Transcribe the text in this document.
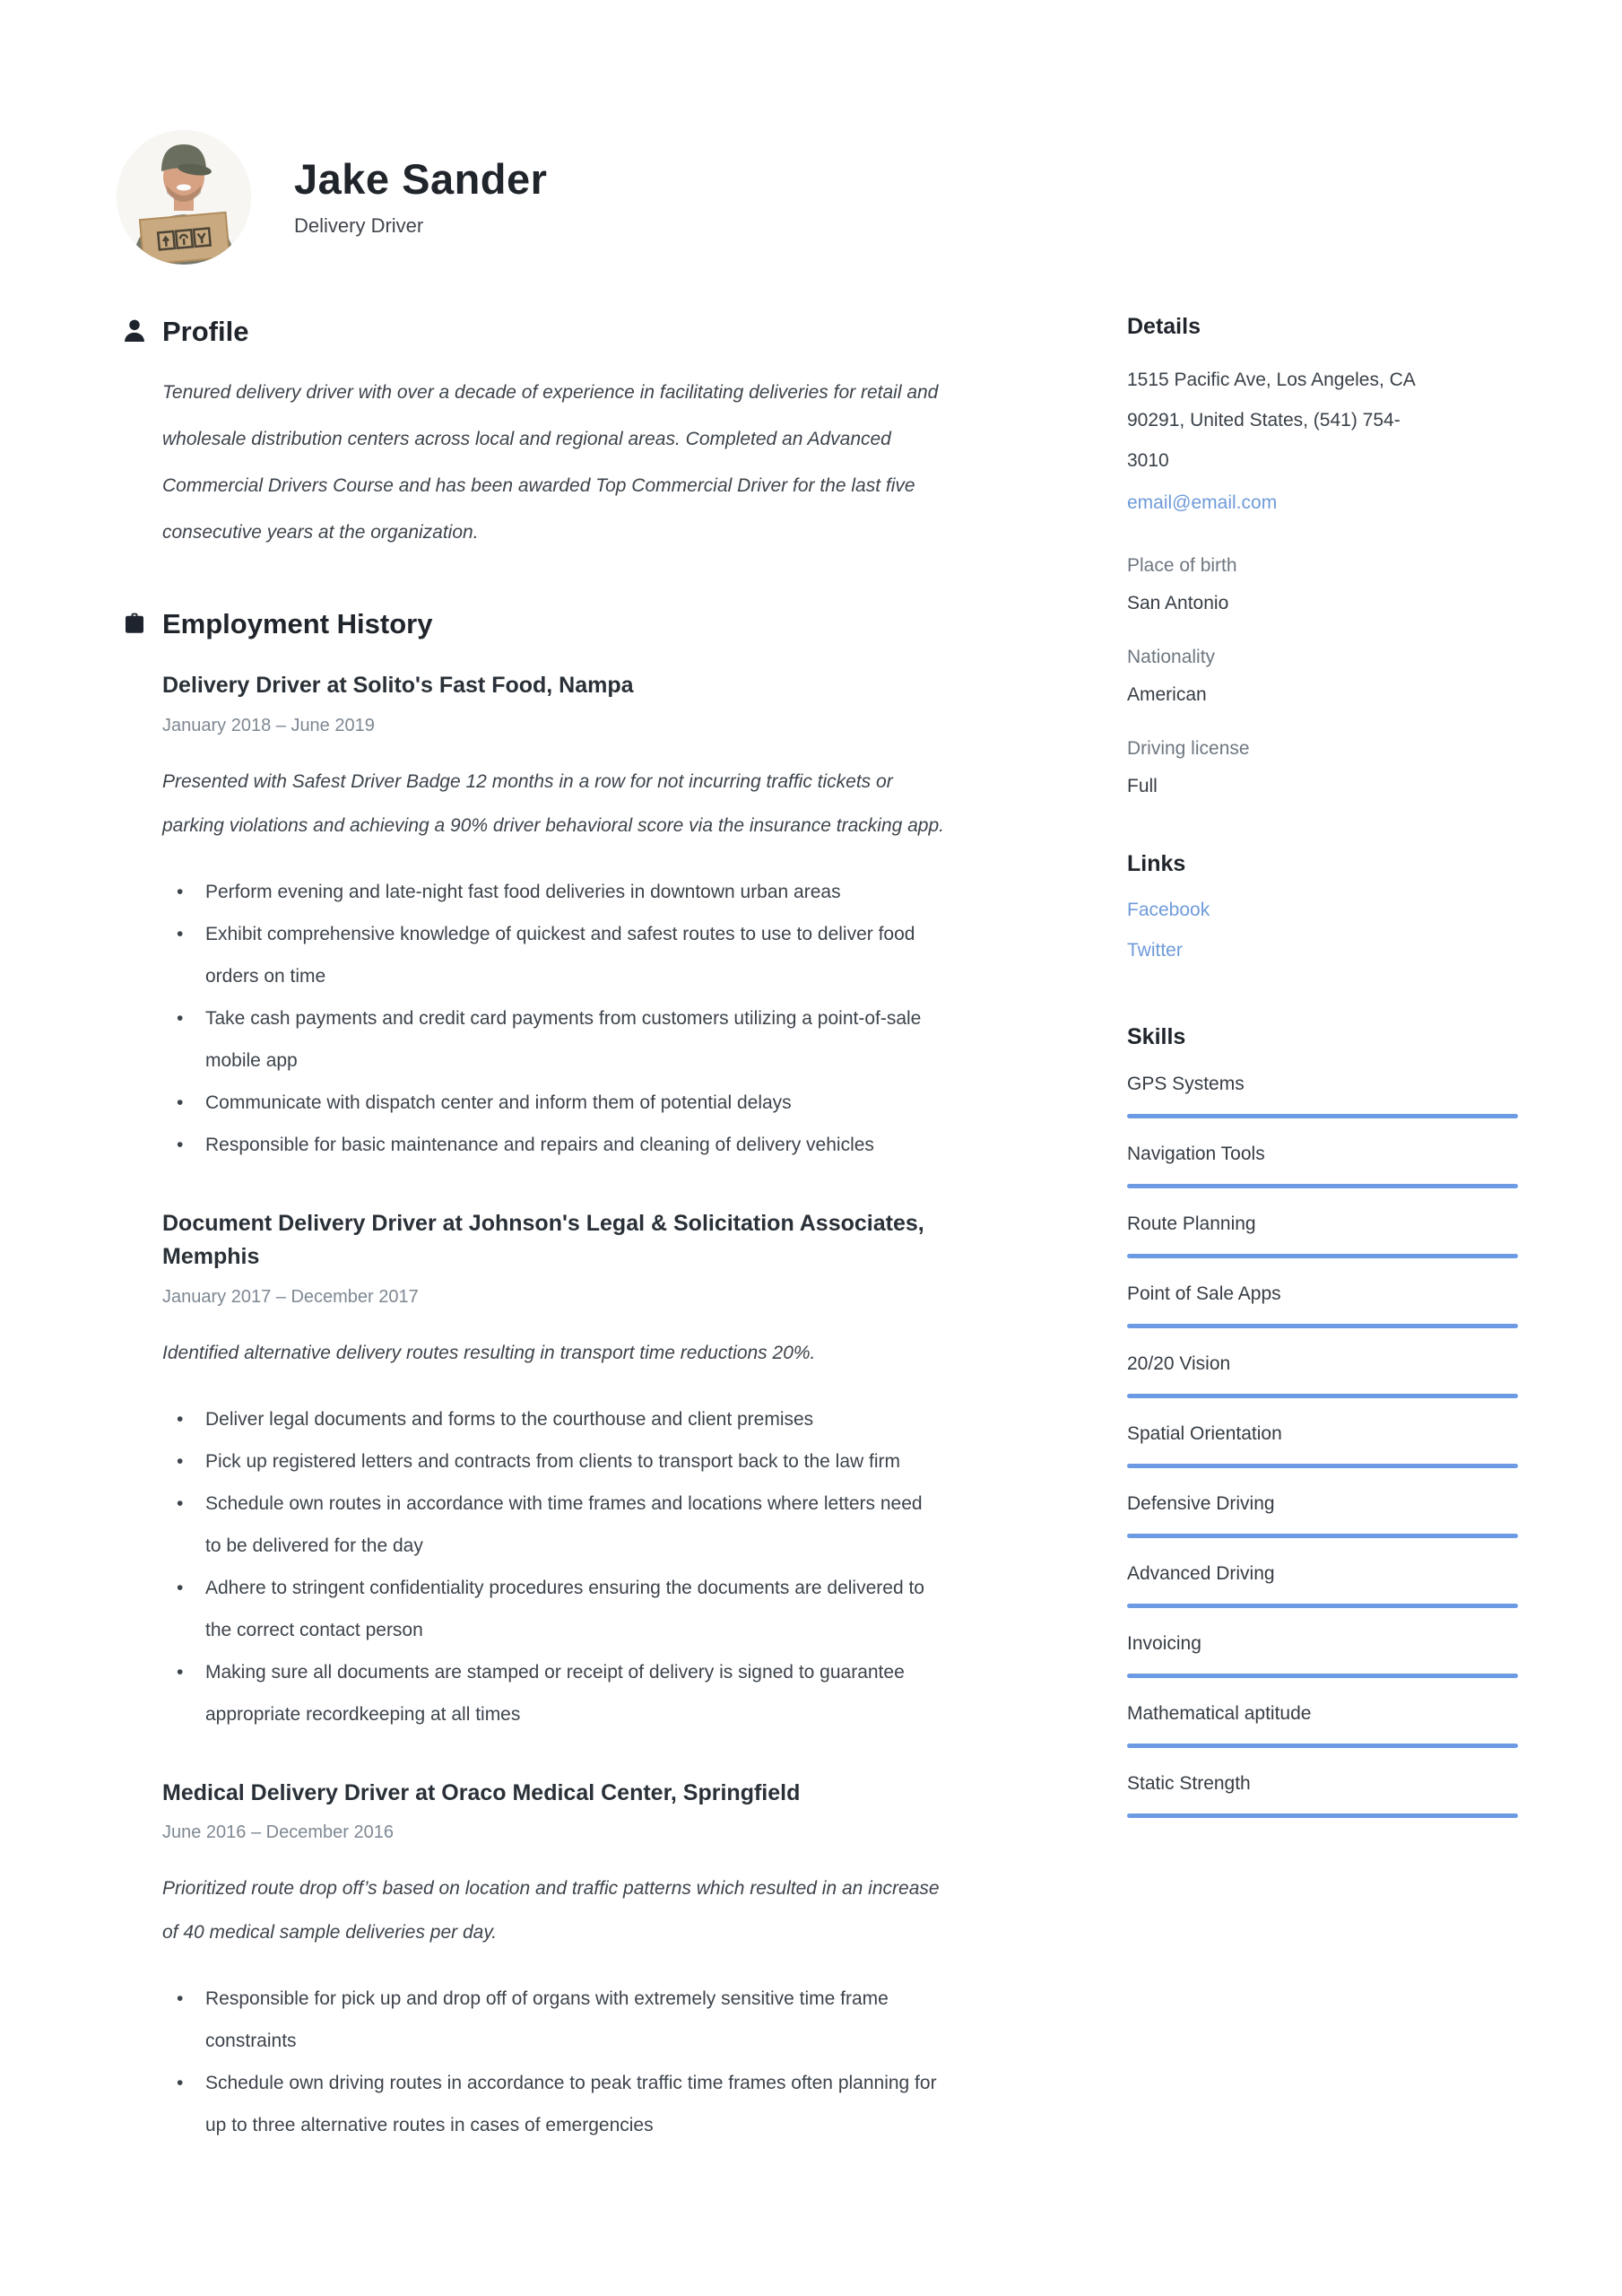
Jake Sander
Delivery Driver
Profile

Tenured delivery driver with over a decade of experience in facilitating deliveries for retail and wholesale distribution centers across local and regional areas. Completed an Advanced Commercial Drivers Course and has been awarded Top Commercial Driver for the last five consecutive years at the organization.

Employment History
Delivery Driver at Solito's Fast Food, Nampa
January 2018 – June 2019
Presented with Safest Driver Badge 12 months in a row for not incurring traffic tickets or parking violations and achieving a 90% driver behavioral score via the insurance tracking app.
• Perform evening and late-night fast food deliveries in downtown urban areas
• Exhibit comprehensive knowledge of quickest and safest routes to use to deliver food orders on time
• Take cash payments and credit card payments from customers utilizing a point-of-sale mobile app
• Communicate with dispatch center and inform them of potential delays
• Responsible for basic maintenance and repairs and cleaning of delivery vehicles
Document Delivery Driver at Johnson's Legal & Solicitation Associates, Memphis
January 2017 – December 2017
Identified alternative delivery routes resulting in transport time reductions 20%.
• Deliver legal documents and forms to the courthouse and client premises
• Pick up registered letters and contracts from clients to transport back to the law firm
• Schedule own routes in accordance with time frames and locations where letters need to be delivered for the day
• Adhere to stringent confidentiality procedures ensuring the documents are delivered to the correct contact person
• Making sure all documents are stamped or receipt of delivery is signed to guarantee appropriate recordkeeping at all times
Medical Delivery Driver at Oraco Medical Center, Springfield
June 2016 – December 2016
Prioritized route drop off’s based on location and traffic patterns which resulted in an increase of 40 medical sample deliveries per day.
• Responsible for pick up and drop off of organs with extremely sensitive time frame constraints
• Schedule own driving routes in accordance to peak traffic time frames often planning for up to three alternative routes in cases of emergencies
Details
1515 Pacific Ave, Los Angeles, CA
90291, United States, (541) 754-
3010
email@email.com
Place of birth
San Antonio
Nationality
American
Driving license
Full
Links
Facebook
Twitter
Skills
GPS Systems
Navigation Tools
Route Planning
Point of Sale Apps
20/20 Vision
Spatial Orientation
Defensive Driving
Advanced Driving
Invoicing
Mathematical aptitude
Static Strength
